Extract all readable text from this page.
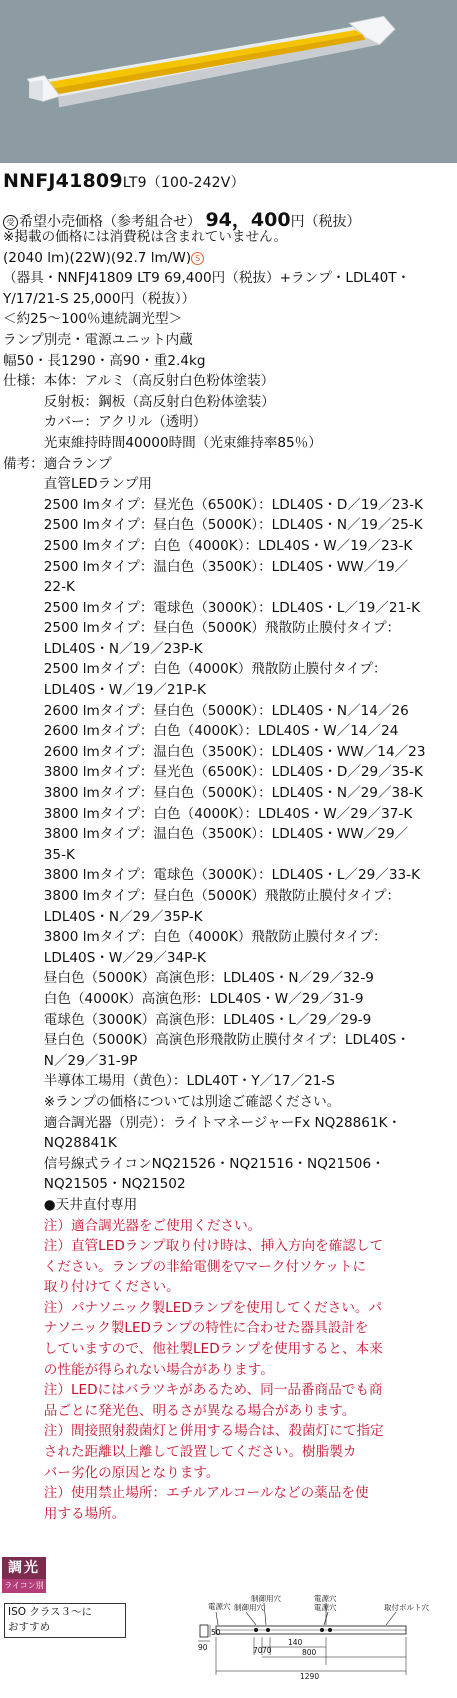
NNFJ41809LT9（100-242V）
受 希望小売価格（参考組合せ） 94，400円（税抜）
※掲載の価格には消費税は含まれていません。
(2040 lm)(22W)(92.7 lm/W) S
（器具・NNFJ41809 LT9 69,400円（税抜）+ランプ・LDL40T・
Y/17/21-S 25,000円（税抜））
＜約25～100％連続調光型＞
ランプ別売・電源ユニット内蔵
幅50・長1290・高90・重2.4kg
仕様：本体：アルミ（高反射白色粉体塗装）
　　　反射板：鋼板（高反射白色粉体塗装）
　　　カバー：アクリル（透明）
　　　光束維持時間40000時間（光束維持率85％）
備考：適合ランプ
　　　直管LEDランプ用
　　　2500 lmタイプ：昼光色（6500K）：LDL40S・D／19／23-K
　　　2500 lmタイプ：昼白色（5000K）：LDL40S・N／19／25-K
　　　2500 lmタイプ：白色（4000K）：LDL40S・W／19／23-K
　　　2500 lmタイプ：温白色（3500K）：LDL40S・WW／19／
　　　22-K
　　　2500 lmタイプ：電球色（3000K）：LDL40S・L／19／21-K
　　　2500 lmタイプ：昼白色（5000K）飛散防止膜付タイプ：
　　　LDL40S・N／19／23P-K
　　　2500 lmタイプ：白色（4000K）飛散防止膜付タイプ：
　　　LDL40S・W／19／21P-K
　　　2600 lmタイプ：昼白色（5000K）：LDL40S・N／14／26
　　　2600 lmタイプ：白色（4000K）：LDL40S・W／14／24
　　　2600 lmタイプ：温白色（3500K）：LDL40S・WW／14／23
　　　3800 lmタイプ：昼光色（6500K）：LDL40S・D／29／35-K
　　　3800 lmタイプ：昼白色（5000K）：LDL40S・N／29／38-K
　　　3800 lmタイプ：白色（4000K）：LDL40S・W／29／37-K
　　　3800 lmタイプ：温白色（3500K）：LDL40S・WW／29／
　　　35-K
　　　3800 lmタイプ：電球色（3000K）：LDL40S・L／29／33-K
　　　3800 lmタイプ：昼白色（5000K）飛散防止膜付タイプ：
　　　LDL40S・N／29／35P-K
　　　3800 lmタイプ：白色（4000K）飛散防止膜付タイプ：
　　　LDL40S・W／29／34P-K
　　　昼白色（5000K）高演色形：LDL40S・N／29／32-9
　　　白色（4000K）高演色形：LDL40S・W／29／31-9
　　　電球色（3000K）高演色形：LDL40S・L／29／29-9
　　　昼白色（5000K）高演色形飛散防止膜付タイプ：LDL40S・
　　　N／29／31-9P
　　　半導体工場用（黄色）：LDL40T・Y／17／21-S
　　　※ランプの価格については別途ご確認ください。
　　　適合調光器（別売）：ライトマネージャーFx NQ28861K・
　　　NQ28841K
　　　信号線式ライコンNQ21526・NQ21516・NQ21506・
　　　NQ21505・NQ21502
　　　●天井直付専用
　　　注）適合調光器をご使用ください。
　　　注）直管LEDランプ取り付け時は、挿入方向を確認して
　　　ください。ランプの非給電側を▽マーク付ソケットに
　　　取り付けてください。
　　　注）パナソニック製LEDランプを使用してください。パ
　　　ナソニック製LEDランプの特性に合わせた器具設計を
　　　していますので、他社製LEDランプを使用すると、本来
　　　の性能が得られない場合があります。
　　　注）LEDにはバラツキがあるため、同一品番商品でも商
　　　品ごとに発光色、明るさが異なる場合があります。
　　　注）間接照射殺菌灯と併用する場合は、殺菌灯にて指定
　　　された距離以上離して設置してください。樹脂製カ
　　　バー劣化の原因となります。
　　　注）使用禁止場所：エチルアルコールなどの薬品を使
　　　用する場所。
調光
ライコン別売
ISO クラス３～に
おすすめ
電源穴
制御用穴
制御用穴
電源穴
電源穴	取付ボルト穴
50
90	70 70
140
800
1290
